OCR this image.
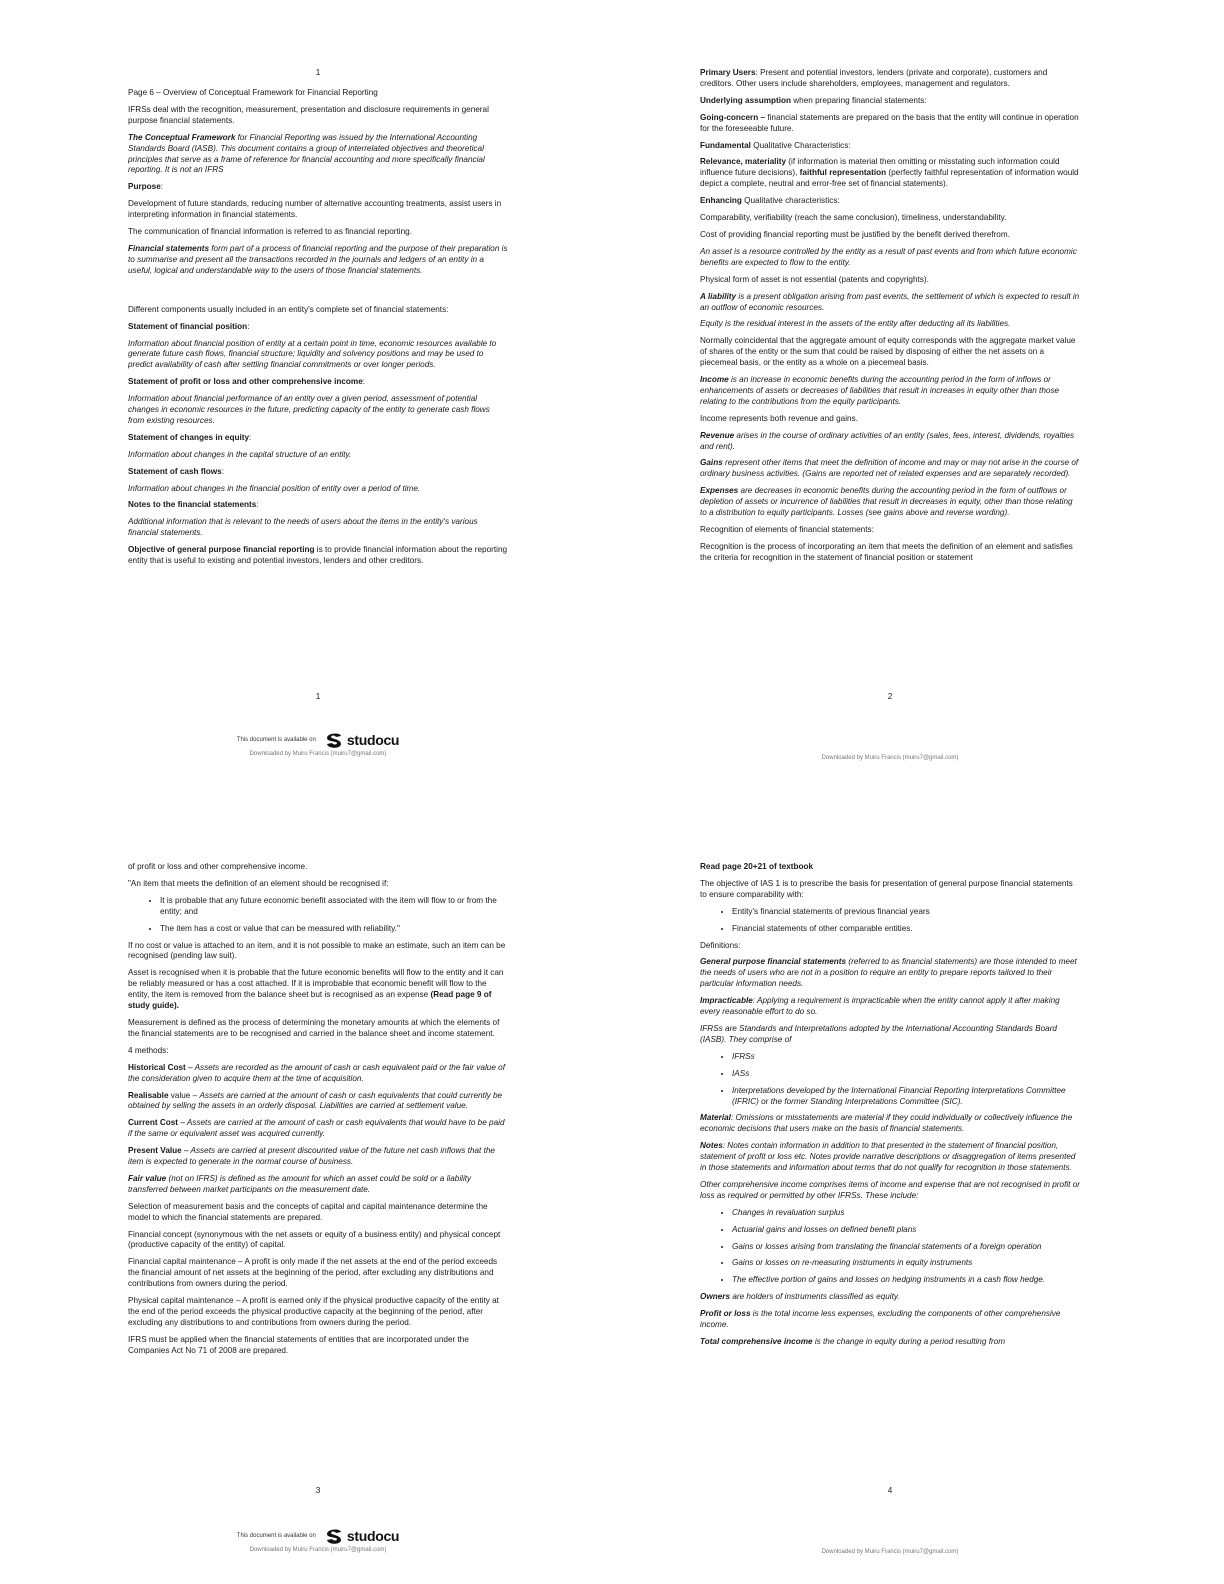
1

Page 6 – Overview of Conceptual Framework for Financial Reporting

IFRSs deal with the recognition, measurement, presentation and disclosure requirements in general purpose financial statements.

The Conceptual Framework for Financial Reporting was issued by the International Accounting Standards Board (IASB). This document contains a group of interrelated objectives and theoretical principles that serve as a frame of reference for financial accounting and more specifically financial reporting. It is not an IFRS

Purpose:

Development of future standards, reducing number of alternative accounting treatments, assist users in interpreting information in financial statements.

The communication of financial information is referred to as financial reporting.

Financial statements form part of a process of financial reporting and the purpose of their preparation is to summarise and present all the transactions recorded in the journals and ledgers of an entity in a useful, logical and understandable way to the users of those financial statements.

Different components usually included in an entity's complete set of financial statements:

Statement of financial position:

Information about financial position of entity at a certain point in time, economic resources available to generate future cash flows, financial structure; liquidity and solvency positions and may be used to predict availability of cash after settling financial commitments or over longer periods.

Statement of profit or loss and other comprehensive income:

Information about financial performance of an entity over a given period, assessment of potential changes in economic resources in the future, predicting capacity of the entity to generate cash flows from existing resources.

Statement of changes in equity:

Information about changes in the capital structure of an entity.

Statement of cash flows:

Information about changes in the financial position of entity over a period of time.

Notes to the financial statements:

Additional information that is relevant to the needs of users about the items in the entity's various financial statements.

Objective of general purpose financial reporting is to provide financial information about the reporting entity that is useful to existing and potential investors, lenders and other creditors.

1
This document is available on studocu
Downloaded by Muiru Francis (muiru7@gmail.com)

Primary Users: Present and potential investors, lenders (private and corporate), customers and creditors. Other users include shareholders, employees, management and regulators.

Underlying assumption when preparing financial statements:

Going-concern – financial statements are prepared on the basis that the entity will continue in operation for the foreseeable future.

Fundamental Qualitative Characteristics:

Relevance, materiality (if information is material then omitting or misstating such information could influence future decisions), faithful representation (perfectly faithful representation of information would depict a complete, neutral and error-free set of financial statements).

Enhancing Qualitative characteristics:

Comparability, verifiability (reach the same conclusion), timeliness, understandability.

Cost of providing financial reporting must be justified by the benefit derived therefrom.

An asset is a resource controlled by the entity as a result of past events and from which future economic benefits are expected to flow to the entity.

Physical form of asset is not essential (patents and copyrights).

A liability is a present obligation arising from past events, the settlement of which is expected to result in an outflow of economic resources.

Equity is the residual interest in the assets of the entity after deducting all its liabilities.

Normally coincidental that the aggregate amount of equity corresponds with the aggregate market value of shares of the entity or the sum that could be raised by disposing of either the net assets on a piecemeal basis, or the entity as a whole on a piecemeal basis.

Income is an increase in economic benefits during the accounting period in the form of inflows or enhancements of assets or decreases of liabilities that result in increases in equity other than those relating to the contributions from the equity participants.

Income represents both revenue and gains.

Revenue arises in the course of ordinary activities of an entity (sales, fees, interest, dividends, royalties and rent).

Gains represent other items that meet the definition of income and may or may not arise in the course of ordinary business activities. (Gains are reported net of related expenses and are separately recorded).

Expenses are decreases in economic benefits during the accounting period in the form of outflows or depletion of assets or incurrence of liabilities that result in decreases in equity, other than those relating to a distribution to equity participants. Losses (see gains above and reverse wording).

Recognition of elements of financial statements:

Recognition is the process of incorporating an item that meets the definition of an element and satisfies the criteria for recognition in the statement of financial position or statement

2
Downloaded by Muiru Francis (muiru7@gmail.com)

of profit or loss and other comprehensive income.

"An item that meets the definition of an element should be recognised if:

• It is probable that any future economic benefit associated with the item will flow to or from the entity; and
• The item has a cost or value that can be measured with reliability."

If no cost or value is attached to an item, and it is not possible to make an estimate, such an item can be recognised (pending law suit).

Asset is recognised when it is probable that the future economic benefits will flow to the entity and it can be reliably measured or has a cost attached. If it is improbable that economic benefit will flow to the entity, the item is removed from the balance sheet but is recognised as an expense (Read page 9 of study guide).

Measurement is defined as the process of determining the monetary amounts at which the elements of the financial statements are to be recognised and carried in the balance sheet and income statement.

4 methods:

Historical Cost – Assets are recorded as the amount of cash or cash equivalent paid or the fair value of the consideration given to acquire them at the time of acquisition.

Realisable value – Assets are carried at the amount of cash or cash equivalents that could currently be obtained by selling the assets in an orderly disposal. Liabilities are carried at settlement value.

Current Cost – Assets are carried at the amount of cash or cash equivalents that would have to be paid if the same or equivalent asset was acquired currently.

Present Value – Assets are carried at present discounted value of the future net cash inflows that the item is expected to generate in the normal course of business.

Fair value (not on IFRS) is defined as the amount for which an asset could be sold or a liability transferred between market participants on the measurement date.

Selection of measurement basis and the concepts of capital and capital maintenance determine the model to which the financial statements are prepared.

Financial concept (synonymous with the net assets or equity of a business entity) and physical concept (productive capacity of the entity) of capital.

Financial capital maintenance – A profit is only made if the net assets at the end of the period exceeds the financial amount of net assets at the beginning of the period, after excluding any distributions and contributions from owners during the period.

Physical capital maintenance – A profit is earned only if the physical productive capacity of the entity at the end of the period exceeds the physical productive capacity at the beginning of the period, after excluding any distributions to and contributions from owners during the period.

IFRS must be applied when the financial statements of entities that are incorporated under the Companies Act No 71 of 2008 are prepared.

3
This document is available on studocu
Downloaded by Muiru Francis (muiru7@gmail.com)

Read page 20+21 of textbook

The objective of IAS 1 is to prescribe the basis for presentation of general purpose financial statements to ensure comparability with:

• Entity's financial statements of previous financial years
• Financial statements of other comparable entities.

Definitions:

General purpose financial statements (referred to as financial statements) are those intended to meet the needs of users who are not in a position to require an entity to prepare reports tailored to their particular information needs.

Impracticable: Applying a requirement is impracticable when the entity cannot apply it after making every reasonable effort to do so.

IFRSs are Standards and Interpretations adopted by the International Accounting Standards Board (IASB). They comprise of

• IFRSs
• IASs
• Interpretations developed by the International Financial Reporting Interpretations Committee (IFRIC) or the former Standing Interpretations Committee (SIC).

Material: Omissions or misstatements are material if they could individually or collectively influence the economic decisions that users make on the basis of financial statements.

Notes: Notes contain information in addition to that presented in the statement of financial position, statement of profit or loss etc. Notes provide narrative descriptions or disaggregation of items presented in those statements and information about terms that do not qualify for recognition in those statements.

Other comprehensive income comprises items of income and expense that are not recognised in profit or loss as required or permitted by other IFRSs. These include:

• Changes in revaluation surplus
• Actuarial gains and losses on defined benefit plans
• Gains or losses arising from translating the financial statements of a foreign operation
• Gains or losses on re-measuring instruments in equity instruments
• The effective portion of gains and losses on hedging instruments in a cash flow hedge.

Owners are holders of instruments classified as equity.

Profit or loss is the total income less expenses, excluding the components of other comprehensive income.

Total comprehensive income is the change in equity during a period resulting from

4
Downloaded by Muiru Francis (muiru7@gmail.com)
